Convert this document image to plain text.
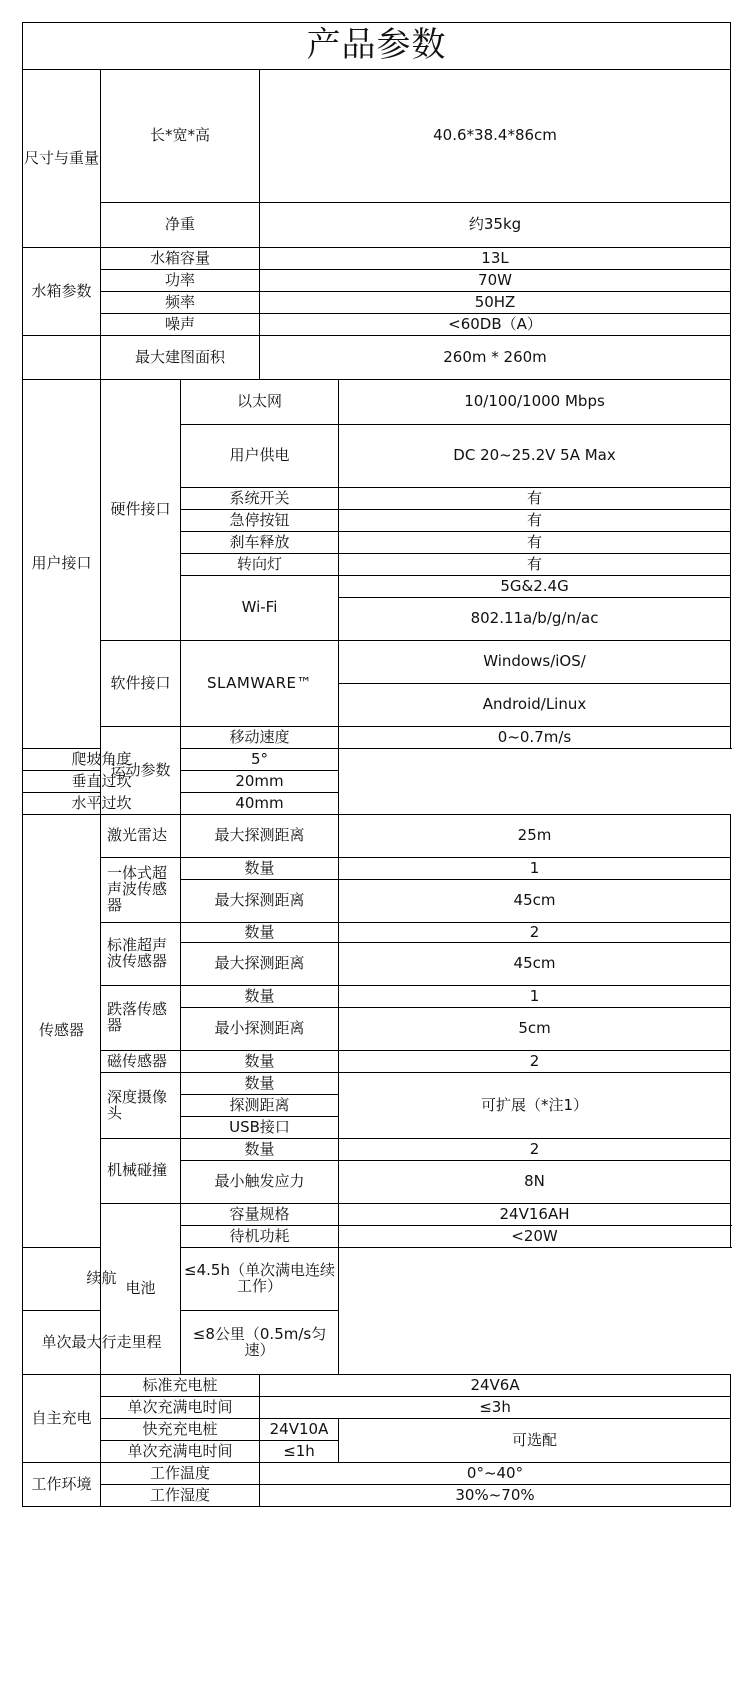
产品参数				
尺寸与重量	长*宽*高		40.6*38.4*86cm	
	净重		约35kg	
水箱参数	水箱容量		13L	
	功率		70W	
	频率		50HZ	
	噪声		<60DB（A）	
	最大建图面积		260m * 260m	
用户接口	硬件接口	以太网		10/100/1000 Mbps
		用户供电		DC 20~25.2V 5A Max
		系统开关		有
		急停按钮		有
		刹车释放		有
		转向灯		有
		Wi-Fi		5G&2.4G
				802.11a/b/g/n/ac
	软件接口	SLAMWARE™		Windows/iOS/
				Android/Linux
	运动参数	移动速度		0~0.7m/s
爬坡角度		5°		
垂直过坎		20mm		
水平过坎		40mm		
传感器	激光雷达	最大探测距离		25m
	一体式超声波传感器	数量		1
		最大探测距离		45cm
	标准超声波传感器	数量		2
		最大探测距离		45cm
	跌落传感器	数量		1
		最小探测距离		5cm
	磁传感器	数量		2
	深度摄像头	数量		可扩展（*注1）
		探测距离		
		USB接口		
	机械碰撞	数量		2
		最小触发应力		8N
	电池	容量规格		24V16AH
		待机功耗		<20W
续航		≤4.5h（单次满电连续工作）		
单次最大行走里程		≤8公里（0.5m/s匀速）		
自主充电	标准充电桩		24V6A	
	单次充满电时间		≤3h	
	快充充电桩		24V10A	可选配
	单次充满电时间		≤1h	
工作环境	工作温度		0°~40°	
	工作湿度		30%~70%	
